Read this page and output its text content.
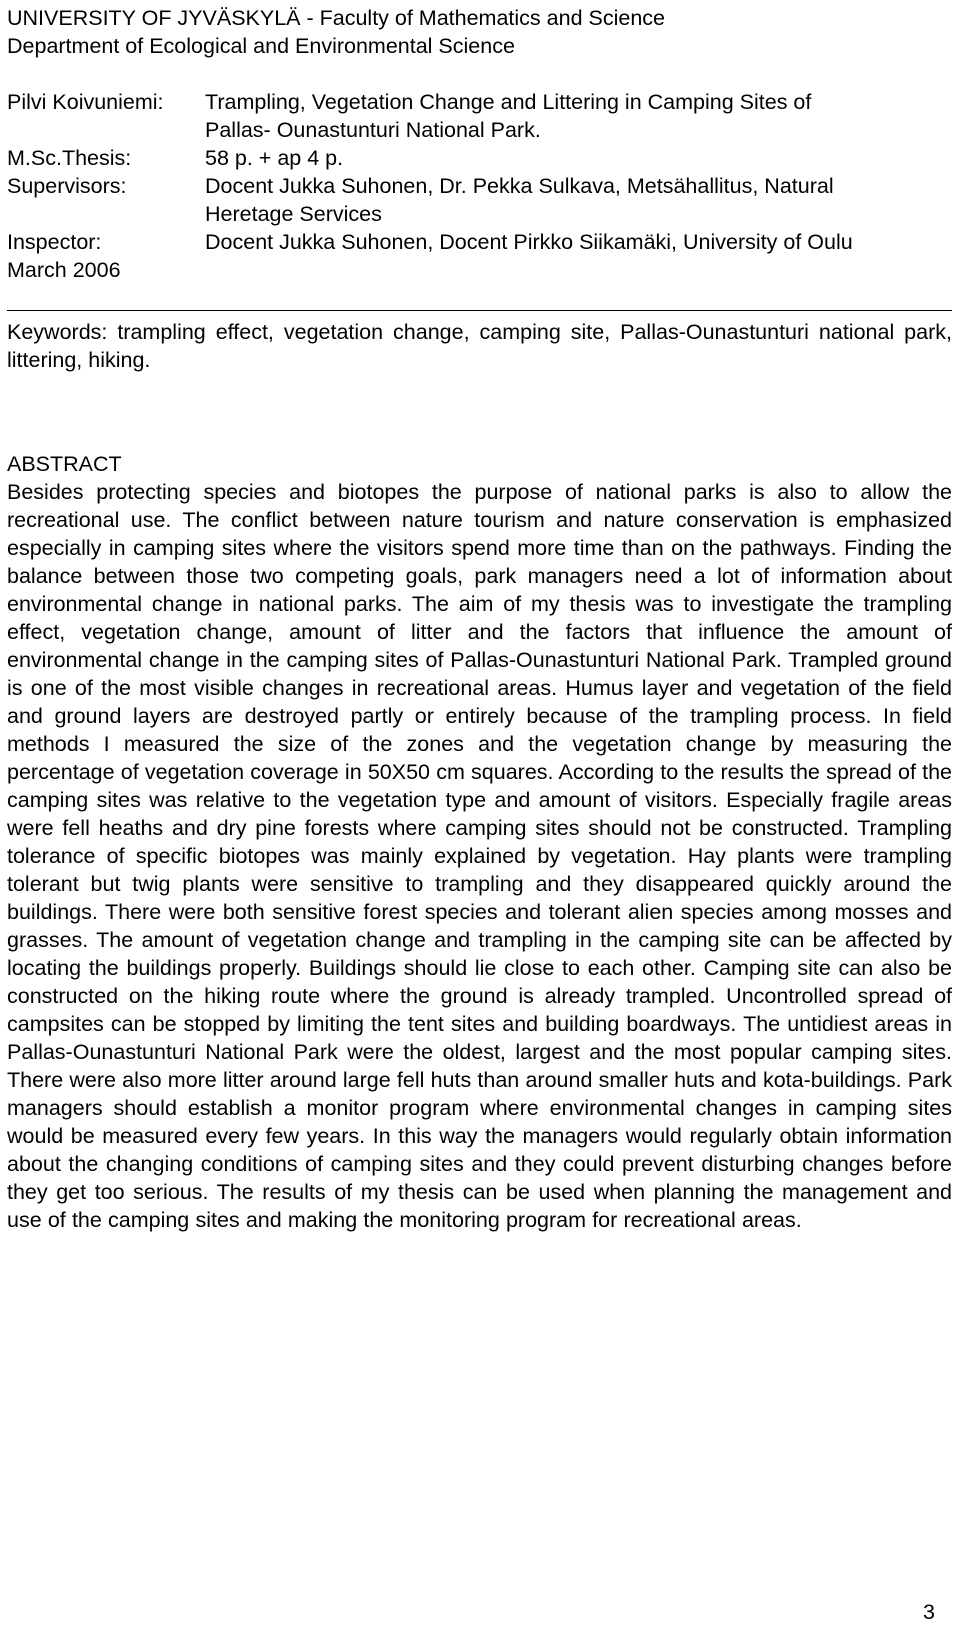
UNIVERSITY OF JYVÄSKYLÄ - Faculty of Mathematics and Science
Department of Ecological and Environmental Science
Pilvi Koivuniemi:	Trampling, Vegetation Change and Littering in Camping Sites of
Pallas- Ounastunturi National Park.
M.Sc.Thesis:	58 p. + ap 4 p.
Supervisors:	Docent Jukka Suhonen, Dr. Pekka Sulkava, Metsähallitus, Natural
Heretage Services
Inspector:	Docent Jukka Suhonen, Docent Pirkko Siikamäki, University of Oulu
March 2006
Keywords: trampling effect, vegetation change, camping site, Pallas-Ounastunturi national park, littering, hiking.
ABSTRACT
Besides protecting species and biotopes the purpose of national parks is also to allow the recreational use. The conflict between nature tourism and nature conservation is emphasized especially in camping sites where the visitors spend more time than on the pathways. Finding the balance between those two competing goals, park managers need a lot of information about environmental change in national parks. The aim of my thesis was to investigate the trampling effect, vegetation change, amount of litter and the factors that influence the amount of environmental change in the camping sites of Pallas-Ounastunturi National Park. Trampled ground is one of the most visible changes in recreational areas. Humus layer and vegetation of the field and ground layers are destroyed partly or entirely because of the trampling process. In field methods I measured the size of the zones and the vegetation change by measuring the percentage of vegetation coverage in 50X50 cm squares. According to the results the spread of the camping sites was relative to the vegetation type and amount of visitors. Especially fragile areas were fell heaths and dry pine forests where camping sites should not be constructed. Trampling tolerance of specific biotopes was mainly explained by vegetation. Hay plants were trampling tolerant but twig plants were sensitive to trampling and they disappeared quickly around the buildings. There were both sensitive forest species and tolerant alien species among mosses and grasses. The amount of vegetation change and trampling in the camping site can be affected by locating the buildings properly. Buildings should lie close to each other. Camping site can also be constructed on the hiking route where the ground is already trampled. Uncontrolled spread of campsites can be stopped by limiting the tent sites and building boardways. The untidiest areas in Pallas-Ounastunturi National Park were the oldest, largest and the most popular camping sites. There were also more litter around large fell huts than around smaller huts and kota-buildings. Park managers should establish a monitor program where environmental changes in camping sites would be measured every few years. In this way the managers would regularly obtain information about the changing conditions of camping sites and they could prevent disturbing changes before they get too serious. The results of my thesis can be used when planning the management and use of the camping sites and making the monitoring program for recreational areas.
3
